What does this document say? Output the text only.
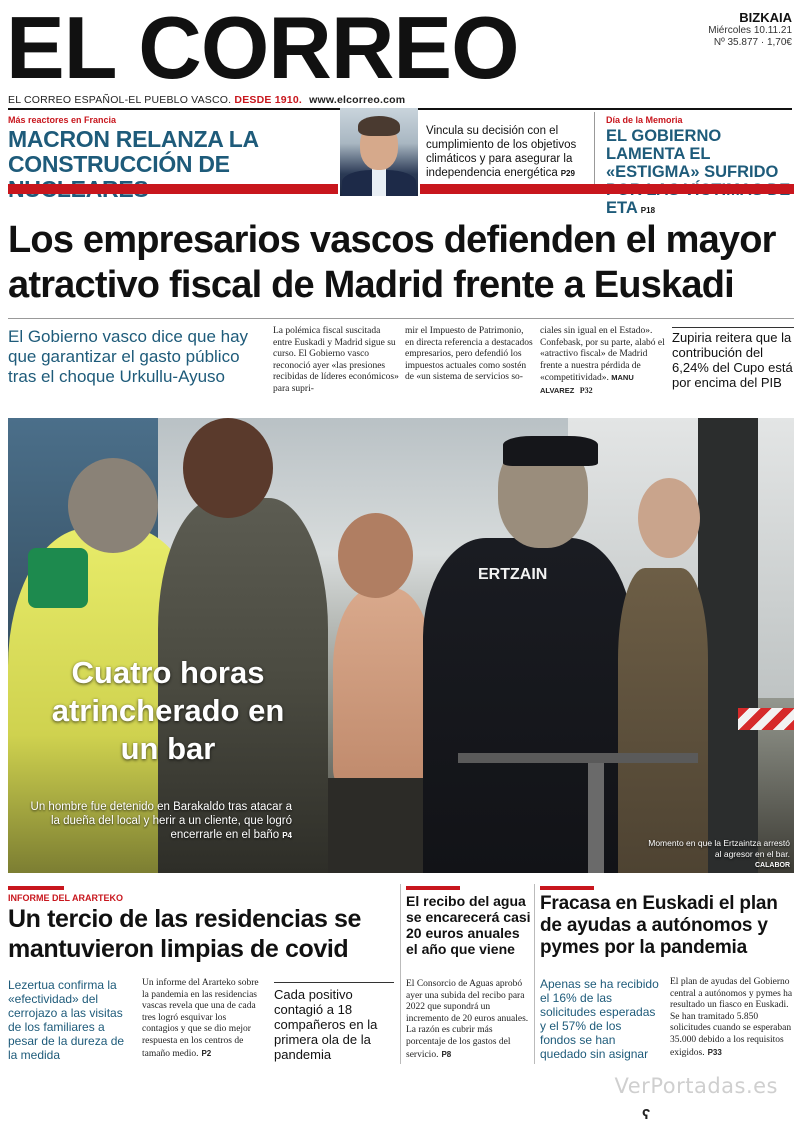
EL CORREO	BIZKAIA
Miércoles 10.11.21
Nº 35.877 · 1,70€
EL CORREO ESPAÑOL-EL PUEBLO VASCO. DESDE 1910. www.elcorreo.com
Más reactores en Francia
MACRON RELANZA LA CONSTRUCCIÓN DE
Vincula su decisión con el cumplimiento de los objetivos climáticos y para asegurar la independencia energética P29
Día de la Memoria
EL GOBIERNO LAMENTA EL «ESTIGMA» SUFRIDO ETA P18
Los empresarios vascos defienden el mayor atractivo fiscal de Madrid frente a Euskadi
El Gobierno vasco dice que hay que garantizar el gasto público tras el choque Urkullu-Ayuso
La polémica fiscal suscitada entre Euskadi y Madrid sigue su curso. El Gobierno vasco reconoció ayer «las presiones recibidas de líderes económicos» para supri-
mir el Impuesto de Patrimonio, en directa referencia a destacados empresarios, pero defendió los impuestos actuales como sostén de «un sistema de servicios so-
ciales sin igual en el Estado». Confebask, por su parte, alabó el «atractivo fiscal» de Madrid frente a nuestra pérdida de «competitividad». MANU ALVAREZ P32
Zupiria reitera que la contribución del 6,24% del Cupo está por encima del PIB
ERTZAIN
Cuatro horas atrincherado en un bar
Un hombre fue detenido en Barakaldo tras atacar a la dueña del local y herir a un cliente, que logró encerrarle en el baño P4
Momento en que la Ertzaintza arrestó al agresor en el bar.
CALABOR
INFORME DEL ARARTEKO
Un tercio de las residencias se mantuvieron limpias de covid
Lezertua confirma la «efectividad» del cerrojazo a las visitas de los familiares a pesar de la dureza de la medida
Un informe del Ararteko sobre la pandemia en las residencias vascas revela que una de cada tres logró esquivar los contagios y que se dio mejor respuesta en los centros de tamaño medio. P2
Cada positivo contagió a 18 compañeros en la primera ola de la pandemia
El recibo del agua se encarecerá casi 20 euros anuales el año que viene
El Consorcio de Aguas aprobó ayer una subida del recibo para 2022 que supondrá un incremento de 20 euros anuales. La razón es cubrir más porcentaje de los gastos del servicio. P8
Fracasa en Euskadi el plan de ayudas a autónomos y pymes por la pandemia
Apenas se ha recibido el 16% de las solicitudes esperadas y el 57% de los fondos se han quedado sin asignar
El plan de ayudas del Gobierno central a autónomos y pymes ha resultado un fiasco en Euskadi. Se han tramitado 5.850 solicitudes cuando se esperaban 35.000 debido a los requisitos exigidos. P33
VerPortadas.es
ʕ
